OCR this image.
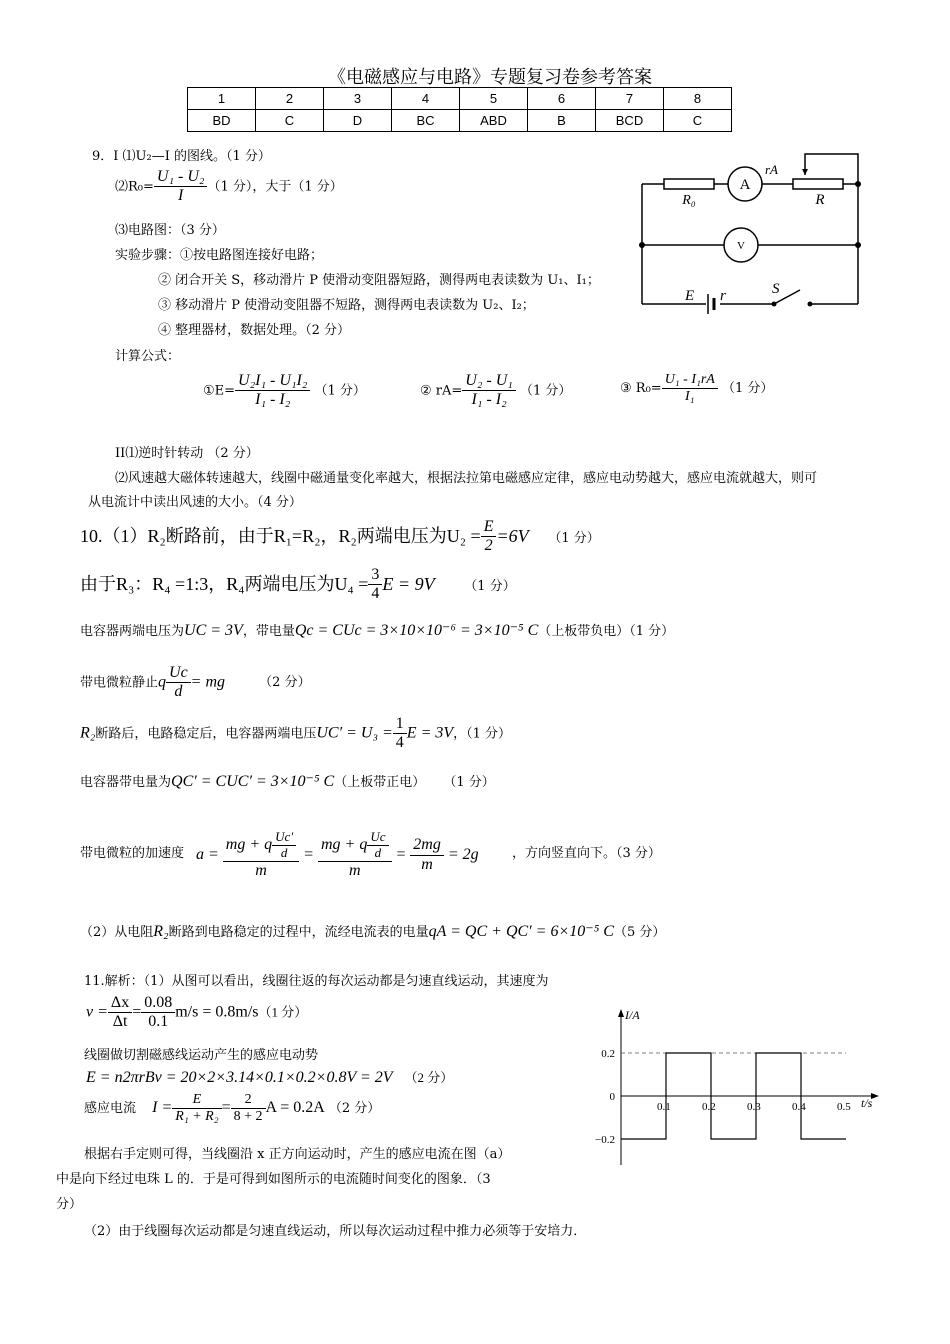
《电磁感应与电路》专题复习卷参考答案
1	2	3	4	5	6	7	8
BD	C	D	BC	ABD	B	BCD	C
9．I ⑴U₂—I 的图线。（1 分）
⑵R₀= $\frac{\text{U₁ - U₂}}{I} (1$ 分），大于（1 分）
⑶电路图：（3 分）
实验步骤：①按电路图连接好电路；
② 闭合开关 S，移动滑片 P 使滑动变阻器短路，测得两电表读数为 U₁、I₁；
③ 移动滑片 P 使滑动变阻器不短路，测得两电表读数为 U₂、I₂；
④ 整理器材，数据处理。（2 分）
计算公式：
①E= $\frac{\text{U₂I₁ - U₁I₂}}{\text{I₁ - I₂}} (1$ 分）	② $rA= \frac{\text{U₂ - U₁}}{\text{I₁ - I₂}} (1$ 分）	③ $R_0= \frac{\text{U₁ - I₁rA}}{\text{I₁}} (1$ 分）
II⑴逆时针转动 （2 分）
⑵风速越大磁体转速越大，线圈中磁通量变化率越大，根据法拉第电磁感应定律，感应电动势越大，感应电流就越大，则可
从电流计中读出风速的大小。（4 分）
A
rA
R
R₀
V
E r	S
10.（1）R₂断路前，由于R₁=R₂，R₂两端电压为$U_2 = \frac{E}{2} =6V$ （1 分）
由于R₃：R₄ =1:3，R₄两端电压为$U_4 = \frac{3}{4}$ E = 9V （1 分）
电容器两端电压为UC = 3V，带电量Qc = CUc = 3×10×10⁻⁶ = 3×10⁻⁵ C（上板带负电）（1 分）
带电微粒静止q $\frac{Uc}{d}$ = mg	（2 分）
R₂断路后，电路稳定后，电容器两端电压$UC' = U_3 = \frac{1}{4}$ E = 3V，（1 分）
电容器带电量为QC′ = CUC′ = 3×10⁻⁵ C（上板带正电） （1 分）
带电微粒的加速度 $a = \frac{mg + q \frac{Uc'}{d}}{m} = \frac{mg + q \frac{Uc}{d}}{m} = \frac{2mg}{m} = 2g$	，方向竖直向下。（3 分）
（2）从电阻R₂断路到电路稳定的过程中，流经电流表的电量qA = QC + QC′ = 6×10⁻⁵ C（5 分）
11.解析：（1）从图可以看出，线圈往返的每次运动都是匀速直线运动，其速度为
$v = \frac{\Delta x}{\Delta t} = \frac{0.08}{0.1} m/s = 0.8m/s(1$ 分）
线圈做切割磁感线运动产生的感应电动势
E = n2πrBv = 20×2×3.14×0.1×0.2×0.8V = 2V （2 分）
感应电流 $I = \frac{E}{\text{R₁ + R₂}} = \frac{2}{8 + 2}$ A = 0.2A （2 分）
根据右手定则可得，当线圈沿 x 正方向运动时，产生的感应电流在图（a）
中是向下经过电珠 L 的．于是可得到如图所示的电流随时间变化的图象．（3
分）
（2）由于线圈每次运动都是匀速直线运动，所以每次运动过程中推力必须等于安培力．
I/A
t/s
0.1	0.2	0.3	0.4	0.5
0.2
0
−0.2
